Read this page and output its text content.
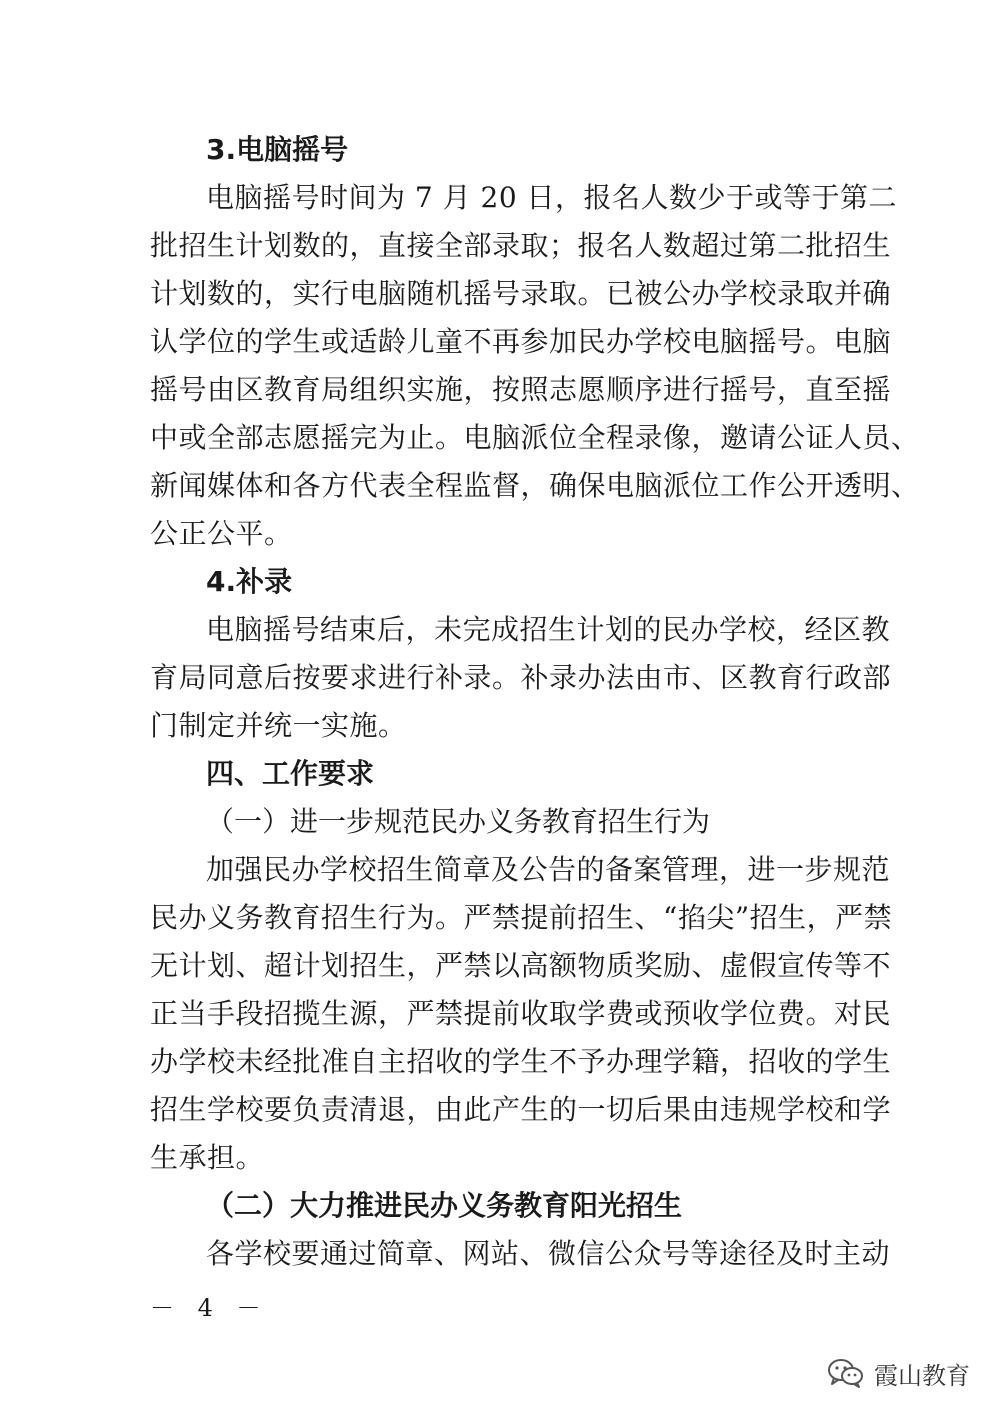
3.电脑摇号
电脑摇号时间为 7 月 20 日，报名人数少于或等于第二
批招生计划数的，直接全部录取；报名人数超过第二批招生
计划数的，实行电脑随机摇号录取。已被公办学校录取并确
认学位的学生或适龄儿童不再参加民办学校电脑摇号。电脑
摇号由区教育局组织实施，按照志愿顺序进行摇号，直至摇
中或全部志愿摇完为止。电脑派位全程录像，邀请公证人员、
新闻媒体和各方代表全程监督，确保电脑派位工作公开透明、
公正公平。
4.补录
电脑摇号结束后，未完成招生计划的民办学校，经区教
育局同意后按要求进行补录。补录办法由市、区教育行政部
门制定并统一实施。
四、工作要求
（一）进一步规范民办义务教育招生行为
加强民办学校招生简章及公告的备案管理，进一步规范
民办义务教育招生行为。严禁提前招生、“掐尖”招生，严禁
无计划、超计划招生，严禁以高额物质奖励、虚假宣传等不
正当手段招揽生源，严禁提前收取学费或预收学位费。对民
办学校未经批准自主招收的学生不予办理学籍，招收的学生
招生学校要负责清退，由此产生的一切后果由违规学校和学
生承担。
（二）大力推进民办义务教育阳光招生
各学校要通过简章、网站、微信公众号等途径及时主动
－ 4 －
霞山教育
